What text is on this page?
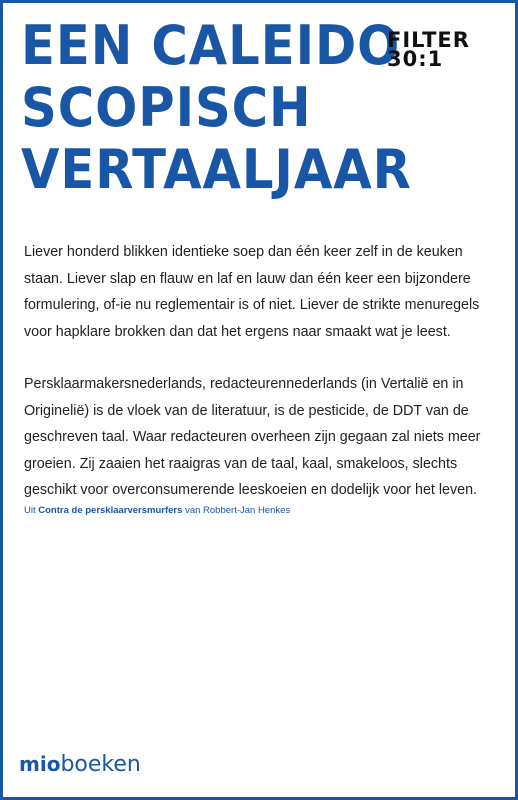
EEN CALEIDO
SCOPISCH
VERTAALJAAR
FILTER
30:1

Liever honderd blikken identieke soep dan één keer zelf in de keuken staan. Liever slap en flauw en laf en lauw dan één keer een bijzondere formulering, of-ie nu reglementair is of niet. Liever de strikte menuregels voor hapklare brokken dan dat het ergens naar smaakt wat je leest.

Persklaarmakersnederlands, redacteurennederlands (in Vertalië en in Originelië) is de vloek van de literatuur, is de pesticide, de DDT van de geschreven taal. Waar redacteuren overheen zijn gegaan zal niets meer groeien. Zij zaaien het raaigras van de taal, kaal, smakeloos, slechts geschikt voor overconsumerende leeskoeien en dodelijk voor het leven.

Uit Contra de persklaarversmurfers van Robbert-Jan Henkes
mio boeken
